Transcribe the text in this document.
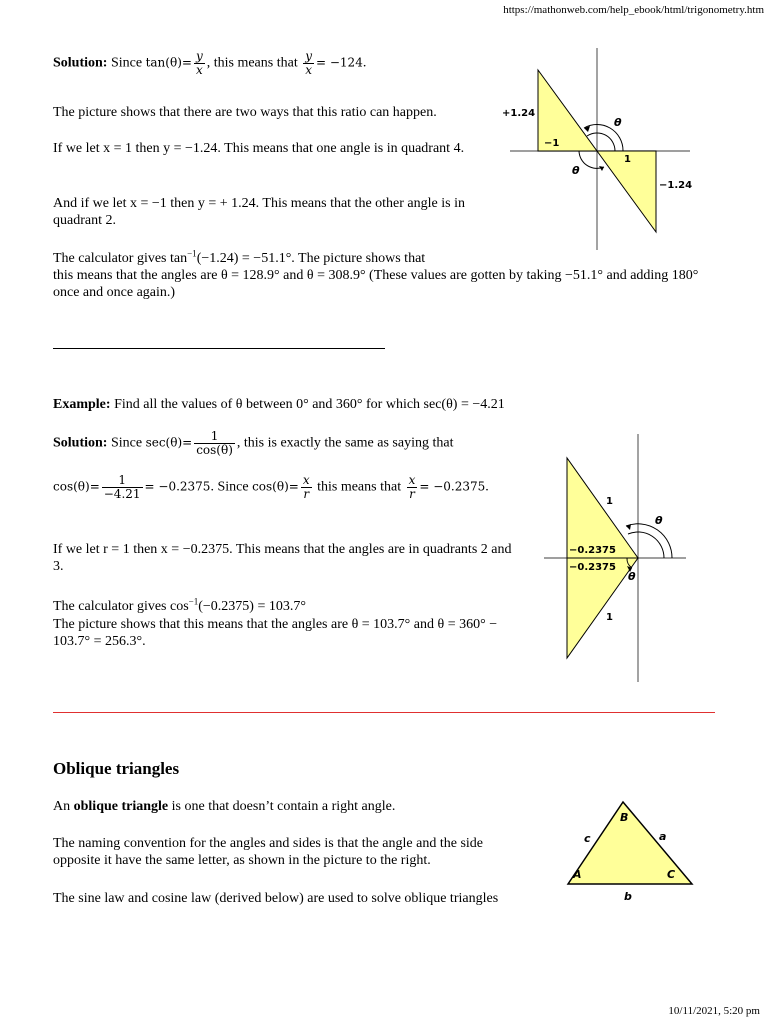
https://mathonweb.com/help_ebook/html/trigonometry.htm
10/11/2021, 5:20 pm
Solution: Since $\tan(\theta)= \frac{y}{x}$ , this means that $\frac{y}{x} = -124$.

The picture shows that there are two ways that this ratio can happen.

If we let x = 1 then y = −1.24. This means that one angle is in quadrant 4.

And if we let x = −1 then y = + 1.24. This means that the other angle is in quadrant 2.

The calculator gives $\tan^{-1}(-1.24) = -51.1^\circ$. The picture shows that
this means that the angles are θ = 128.9° and θ = 308.9° (These values are gotten by taking −51.1° and adding 180° once and once again.)

+1.24
−1
1
−1.24
θ
θ

Example: Find all the values of θ between 0° and 360° for which sec(θ) = −4.21

Solution: Since $\sec(\theta)= \frac{1}{\cos(\theta)}$ , this is exactly the same as saying that
$\cos(\theta)= \frac{1}{-4.21} = -0.2375$. Since $\cos(\theta)= \frac{x}{r}$ this means that $\frac{x}{r} = -0.2375$.

If we let r = 1 then x = −0.2375. This means that the angles are in quadrants 2 and 3.

The calculator gives $\cos^{-1}(-0.2375) = 103.7^\circ$

The picture shows that this means that the angles are θ = 103.7° and θ = 360° − 103.7° = 256.3°.

1
1
θ
θ
−0.2375
−0.2375
Oblique triangles

An oblique triangle is one that doesn’t contain a right angle.

The naming convention for the angles and sides is that the angle and the side opposite it have the same letter, as shown in the picture to the right.

The sine law and cosine law (derived below) are used to solve oblique triangles

B
A	C
c	a
b
